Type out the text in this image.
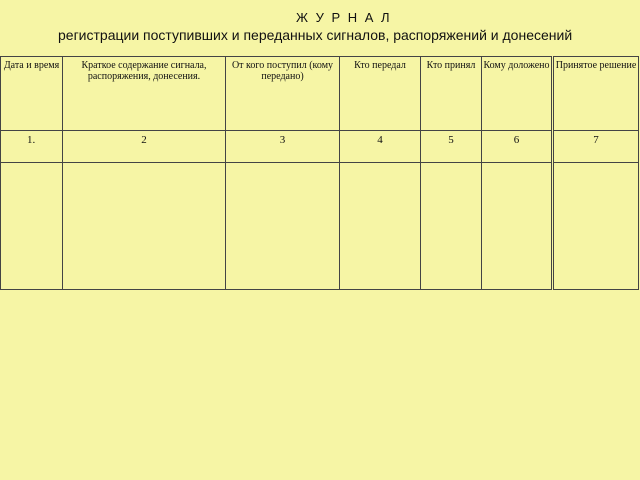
Ж У Р Н А Л
регистрации поступивших и переданных сигналов, распоряжений и донесений
Дата и время	Краткое содержание сигнала, распоряжения, донесения.	От кого поступил (кому передано)	Кто передал	Кто принял	Кому доложено	Принятое решение
1.	2	3	4	5	6	7
